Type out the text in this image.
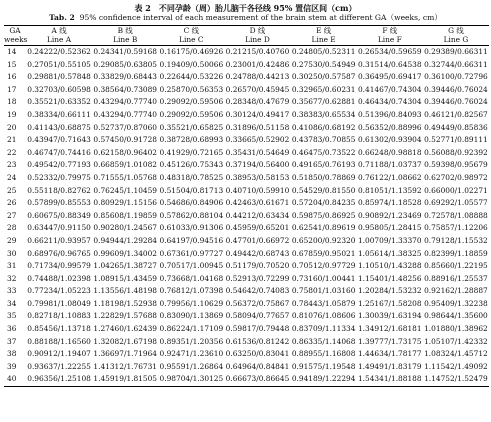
表 2　不同孕龄（周）胎儿脑干各径线 95% 置信区间（cm）
Tab. 2 95% confidence interval of each measurement of the brain stem at different GA（weeks, cm）
GA	A 线	B 线	C 线	D 线	E 线	F 线	G 线
weeks	Line A	Line B	Line C	Line D	Line E	Line F	Line G
14	0.24222/0.52362	0.24341/0.59168	0.16175/0.46926	0.21215/0.40760	0.24805/0.52311	0.26534/0.59659	0.29389/0.66311
15	0.27051/0.55105	0.29085/0.63805	0.19409/0.50066	0.23001/0.42486	0.27530/0.54949	0.31514/0.64538	0.32744/0.66311
16	0.29881/0.57848	0.33829/0.68443	0.22644/0.53226	0.24788/0.44213	0.30250/0.57587	0.36495/0.69417	0.36100/0.72796
17	0.32703/0.60598	0.38564/0.73089	0.25870/0.56353	0.26570/0.45945	0.32965/0.60231	0.41467/0.74304	0.39446/0.76024
18	0.35521/0.63352	0.43294/0.77740	0.29092/0.59506	0.28348/0.47679	0.35677/0.62881	0.46434/0.74304	0.39446/0.76024
19	0.38334/0.66111	0.43294/0.77740	0.29092/0.59506	0.30124/0.49417	0.38383/0.65534	0.51396/0.84093	0.46121/0.82567
20	0.41143/0.68875	0.52737/0.87060	0.35521/0.65825	0.31896/0.51158	0.41086/0.68192	0.56352/0.88996	0.49449/0.85836
21	0.43947/0.71643	0.57450/0.91728	0.38728/0.68993	0.33665/0.52902	0.43783/0.70855	0.61302/0.93904	0.52771/0.89111
22	0.46747/0.74416	0.62158/0.96402	0.41929/0.72165	0.35431/0.54649	0.46475/0.73522	0.66248/0.98818	0.56088/0.92392
23	0.49542/0.77193	0.66859/1.01082	0.45126/0.75343	0.37194/0.56400	0.49165/0.76193	0.71188/1.03737	0.59398/0.95679
24	0.52332/0.79975	0.71555/1.05768	0.48318/0.78525	0.38953/0.58153	0.51850/0.78869	0.76122/1.08662	0.62702/0.98972
25	0.55118/0.82762	0.76245/1.10459	0.51504/0.81713	0.40710/0.59910	0.54529/0.81550	0.81051/1.13592	0.66000/1.02271
26	0.57899/0.85553	0.80929/1.15156	0.54686/0.84906	0.42463/0.61671	0.57204/0.84235	0.85974/1.18528	0.69292/1.05577
27	0.60675/0.88349	0.85608/1.19859	0.57862/0.88104	0.44212/0.63434	0.59875/0.86925	0.90892/1.23469	0.72578/1.08888
28	0.63447/0.91150	0.90280/1.24567	0.61033/0.91306	0.45959/0.65201	0.62541/0.89619	0.95805/1.28415	0.75857/1.12206
29	0.66211/0.93957	0.94944/1.29284	0.64197/0.94516	0.47701/0.66972	0.65200/0.92320	1.00709/1.33370	0.79128/1.15532
30	0.68976/0.96765	0.99609/1.34002	0.67361/0.97727	0.49442/0.68743	0.67859/0.95021	1.05614/1.38325	0.82399/1.18859
31	0.71734/0.99579	1.04265/1.38727	0.70517/1.00945	0.51179/0.70520	0.70512/0.97729	1.10510/1.43288	0.85660/1.22195
32	0.74488/1.02398	1.08915/1.43459	0.73668/1.04168	0.52913/0.72299	0.73160/1.00441	1.15401/1.48256	0.88916/1.25537
33	0.77234/1.05223	1.13556/1.48198	0.76812/1.07398	0.54642/0.74083	0.75801/1.03160	1.20284/1.53232	0.92162/1.28887
34	0.79981/1.08049	1.18198/1.52938	0.79956/1.10629	0.56372/0.75867	0.78443/1.05879	1.25167/1.58208	0.95409/1.32238
35	0.82718/1.10883	1.22829/1.57688	0.83090/1.13869	0.58094/0.77657	0.81076/1.08606	1.30039/1.63194	0.98644/1.35600
36	0.85456/1.13718	1.27460/1.62439	0.86224/1.17109	0.59817/0.79448	0.83709/1.11334	1.34912/1.68181	1.01880/1.38962
37	0.88188/1.16560	1.32082/1.67198	0.89351/1.20356	0.61536/0.81242	0.86335/1.14068	1.39777/1.73175	1.05107/1.42332
38	0.90912/1.19407	1.36697/1.71964	0.92471/1.23610	0.63250/0.83041	0.88955/1.16808	1.44634/1.78177	1.08324/1.45712
39	0.93637/1.22255	1.41312/1.76731	0.95591/1.26864	0.64964/0.84841	0.91575/1.19548	1.49491/1.83179	1.11542/1.49092
40	0.96356/1.25108	1.45919/1.81505	0.98704/1.30125	0.66673/0.86645	0.94189/1.22294	1.54341/1.88188	1.14752/1.52479
